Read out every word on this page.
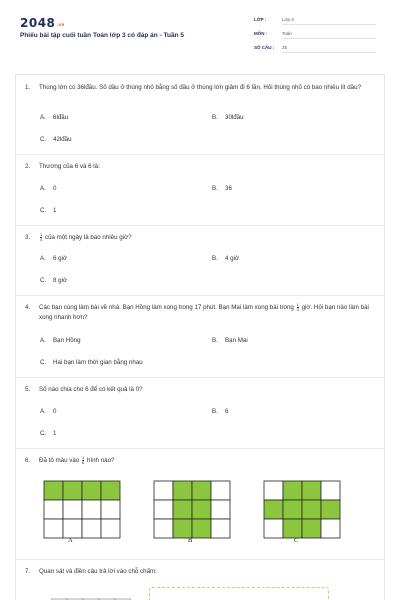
$2048^{.vn}$
Phiếu bài tập cuối tuần Toán lớp 3 có đáp án - Tuần 5
LỚP :	Lớp 3
MÔN :	Toán
SỐ CÂU : 25
1. Thùng lớn có 36lđầu. Số dầu ở thùng nhỏ bằng số dầu ở thùng lớn giảm đi 6 lần. Hỏi thùng nhỏ có bao nhiêu lít dầu?
A. 6lđầu	B. 30lđầu
C. 42lđầu
2. Thương của 6 và 6 là:
A. 0	B. 36
C. 1
3. $\frac{1}{4}$ của một ngày là bao nhiêu giờ?
A. 6 giờ	B. 4 giờ
C. 8 giờ
4. Các bạn cùng làm bài về nhà. Bạn Hồng làm xong trong 17 phút. Bạn Mai làm xong bài trong $\frac{1}{3}$ giờ. Hỏi bạn nào làm bài xong nhanh hơn?
A. Bạn Hồng	B. Bạn Mai
C. Hai bạn làm thời gian bằng nhau
5. Số nào chia cho 6 để có kết quả là 0?
A. 0	B. 6
C. 1
6. Đã tô màu vào $\frac{1}{6}$ hình nào?
A	B	C
7. Quan sát và điền câu trả lời vào chỗ chấm:
